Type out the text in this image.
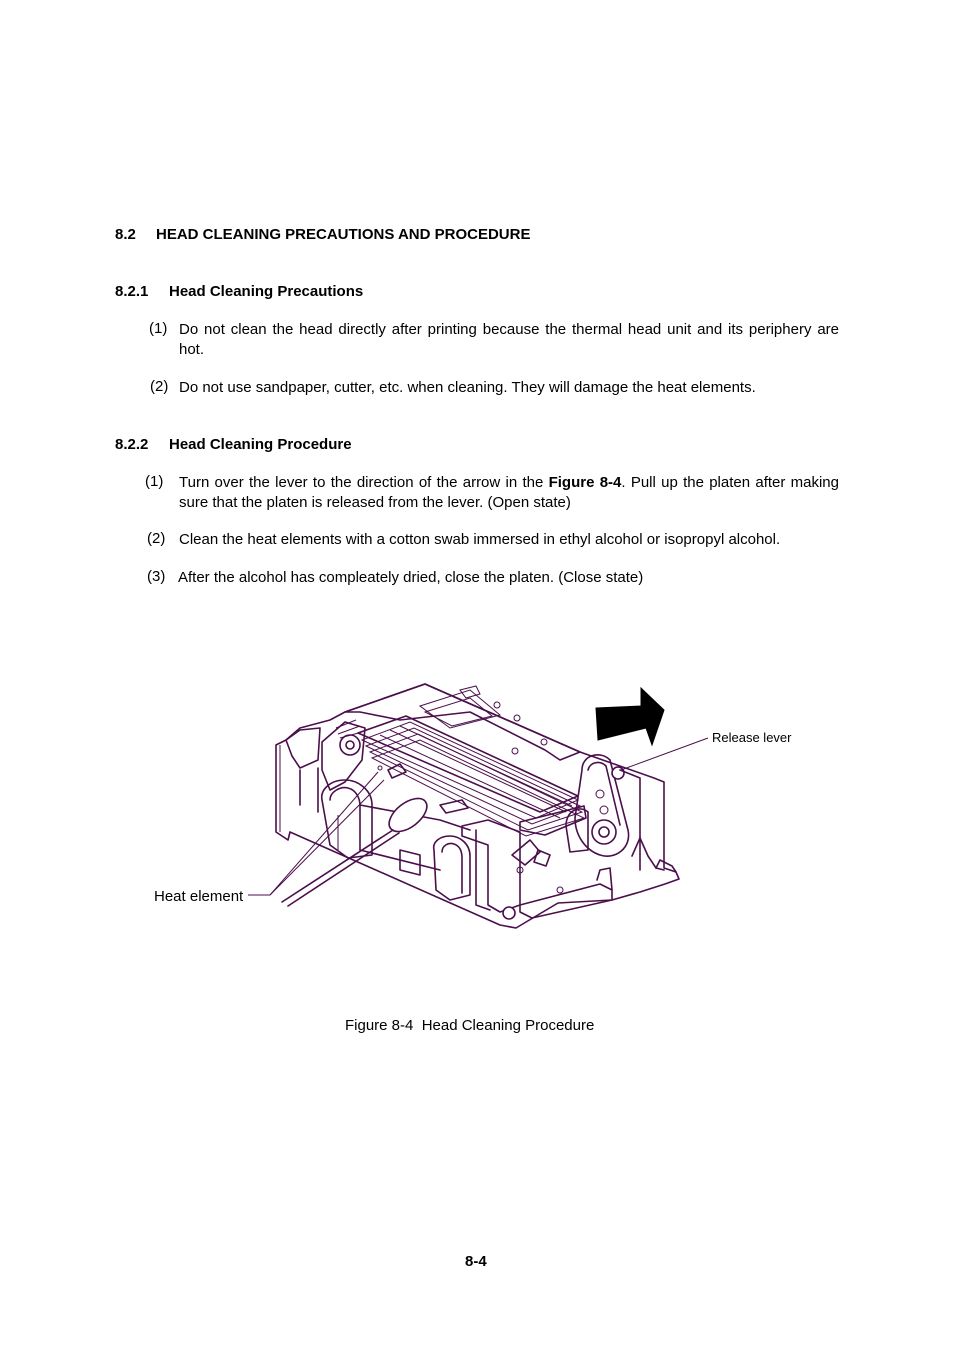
8.2 HEAD CLEANING PRECAUTIONS AND PROCEDURE
8.2.1 Head Cleaning Precautions
(1) Do not clean the head directly after printing because the thermal head unit and its periphery are hot.
(2) Do not use sandpaper, cutter, etc. when cleaning. They will damage the heat elements.
8.2.2 Head Cleaning Procedure
(1) Turn over the lever to the direction of the arrow in the Figure 8-4. Pull up the platen after making sure that the platen is released from the lever. (Open state)
(2) Clean the heat elements with a cotton swab immersed in ethyl alcohol or isopropyl alcohol.
(3) After the alcohol has compleately dried, close the platen. (Close state)
Release lever
Heat element
Figure 8-4  Head Cleaning Procedure
8-4
